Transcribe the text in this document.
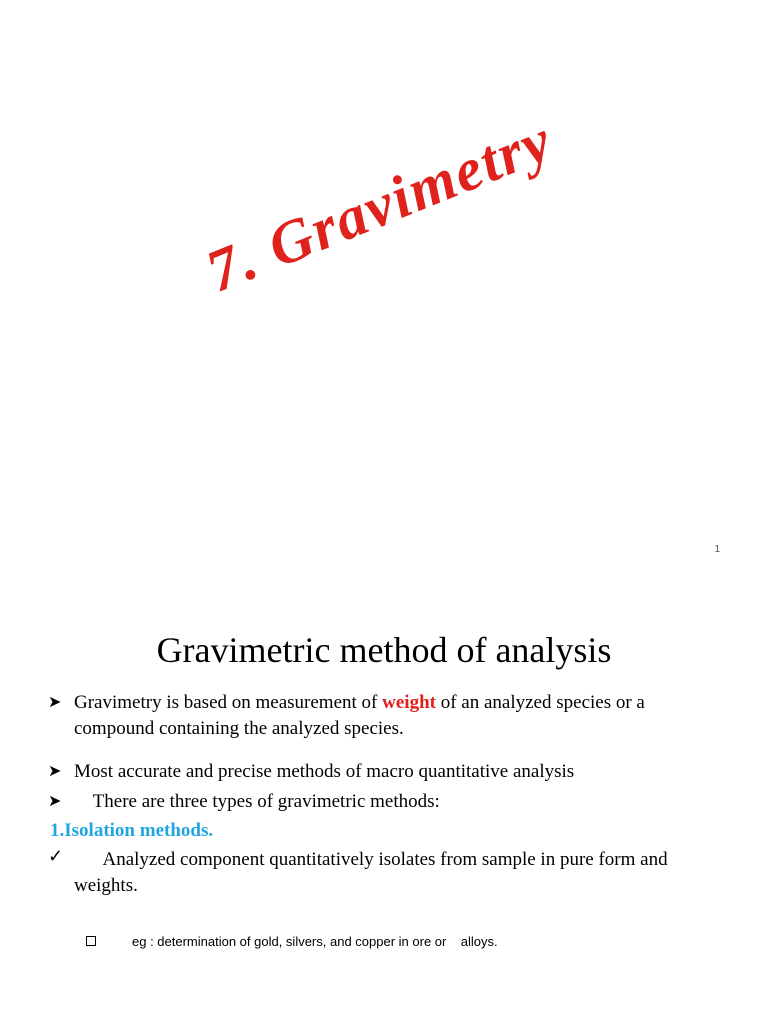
7. Gravimetry
1
Gravimetric method of analysis
➤ Gravimetry is based on measurement of weight of an analyzed species or a compound containing the analyzed species.
➤ Most accurate and precise methods of macro quantitative analysis
➤ There are three types of gravimetric methods:
1.Isolation methods.
✓ Analyzed component quantitatively isolates from sample in pure form and weights.
eg : determination of gold, silvers, and copper in ore or    alloys.
